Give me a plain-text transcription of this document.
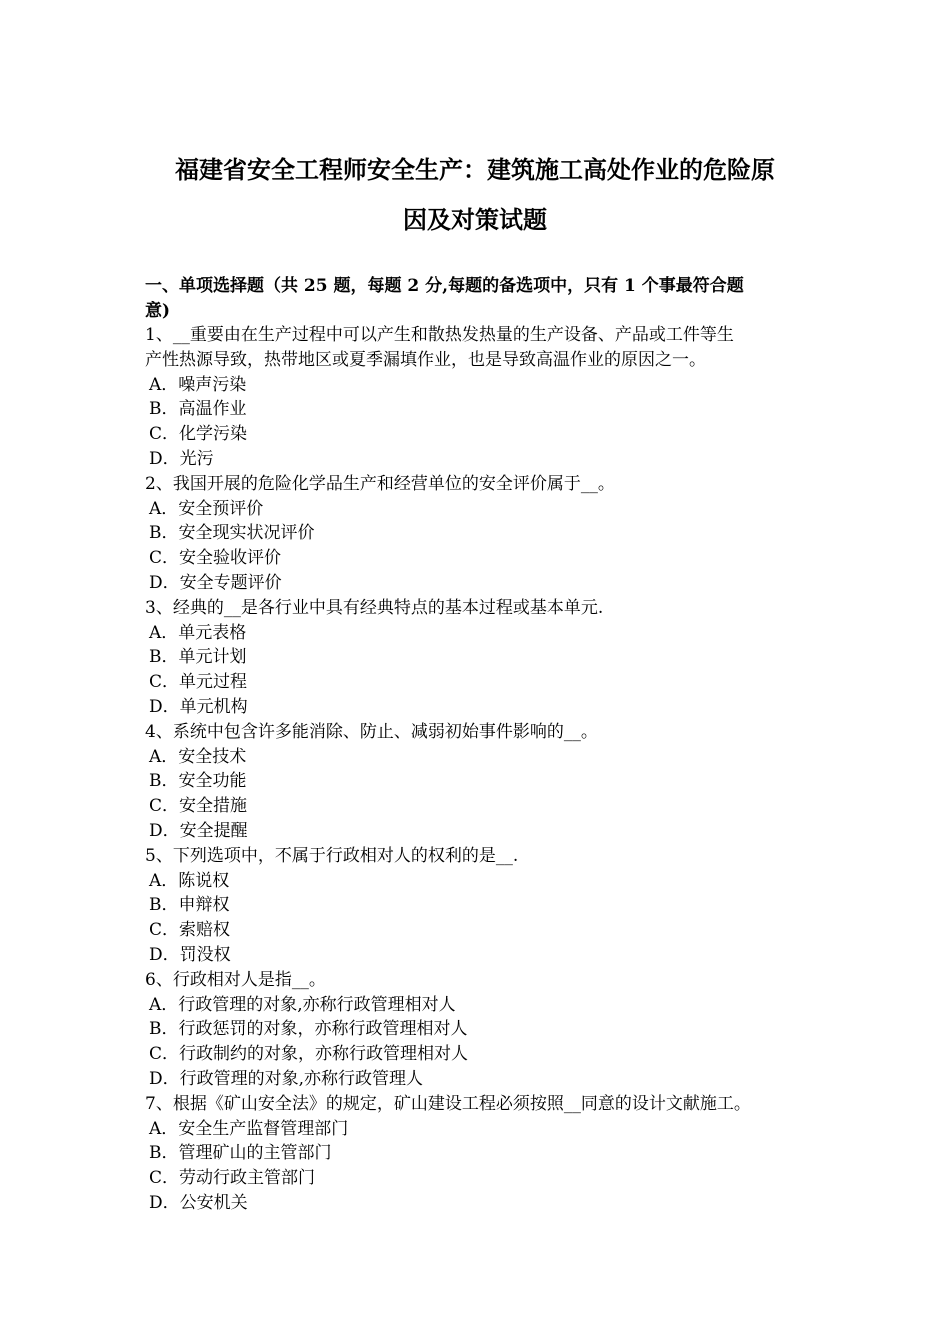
福建省安全工程师安全生产：建筑施工高处作业的危险原
因及对策试题
一、单项选择题（共 25 题，每题 2 分,每题的备选项中，只有 1 个事最符合题
意)
1、__重要由在生产过程中可以产生和散热发热量的生产设备、产品或工件等生
产性热源导致，热带地区或夏季漏填作业，也是导致高温作业的原因之一。
A．噪声污染
B．高温作业
C．化学污染
D．光污
2、我国开展的危险化学品生产和经营单位的安全评价属于__。
A．安全预评价
B．安全现实状况评价
C．安全验收评价
D．安全专题评价
3、经典的__是各行业中具有经典特点的基本过程或基本单元.
A．单元表格
B．单元计划
C．单元过程
D．单元机构
4、系统中包含许多能消除、防止、减弱初始事件影响的__。
A．安全技术
B．安全功能
C．安全措施
D．安全提醒
5、下列选项中，不属于行政相对人的权利的是__.
A．陈说权
B．申辩权
C．索赔权
D．罚没权
6、行政相对人是指__。
A．行政管理的对象,亦称行政管理相对人
B．行政惩罚的对象，亦称行政管理相对人
C．行政制约的对象，亦称行政管理相对人
D．行政管理的对象,亦称行政管理人
7、根据《矿山安全法》的规定，矿山建设工程必须按照__同意的设计文献施工。
A．安全生产监督管理部门
B．管理矿山的主管部门
C．劳动行政主管部门
D．公安机关
